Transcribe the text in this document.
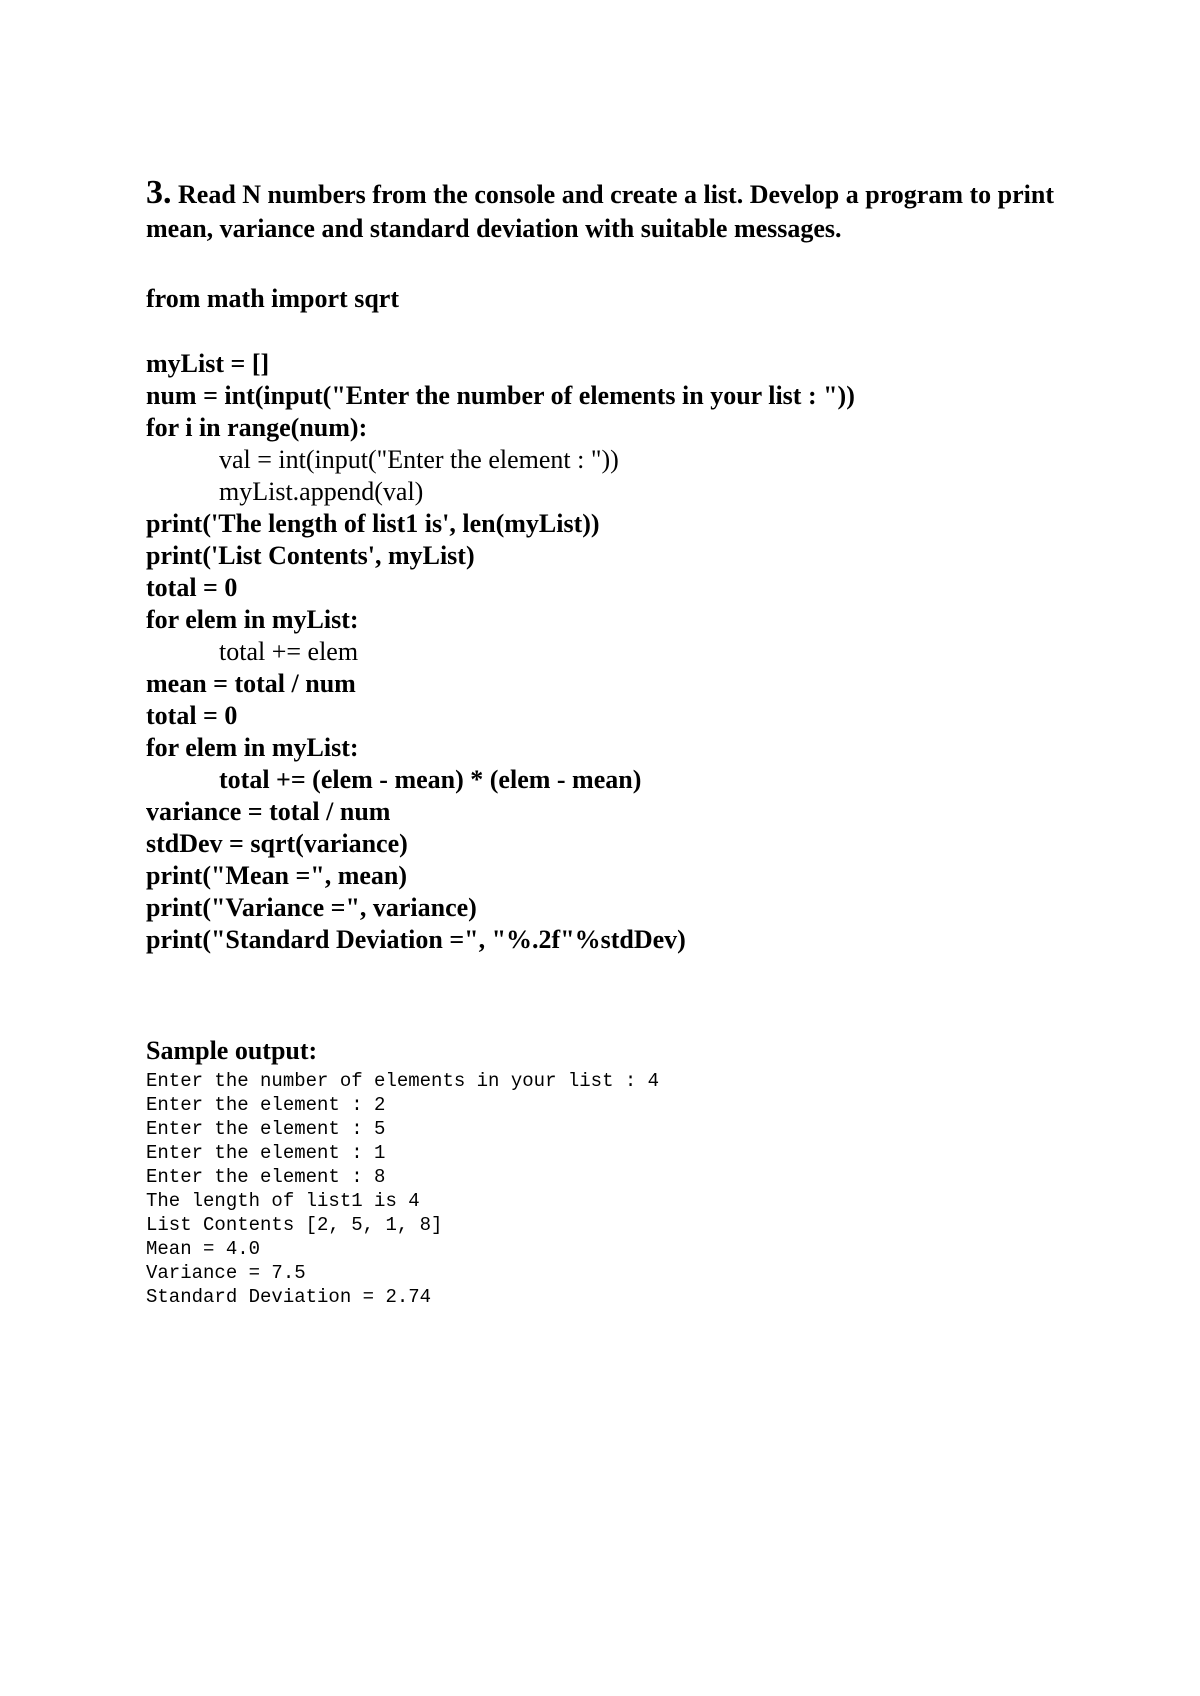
3. Read N numbers from the console and create a list. Develop a program to print mean, variance and standard deviation with suitable messages.
from math import sqrt
myList = []
num = int(input("Enter the number of elements in your list : "))
for i in range(num):
val = int(input("Enter the element : "))
myList.append(val)
print('The length of list1 is', len(myList))
print('List Contents', myList)
total = 0
for elem in myList:
total += elem
mean = total / num
total = 0
for elem in myList:
total += (elem - mean) * (elem - mean)
variance = total / num
stdDev = sqrt(variance)
print("Mean =", mean)
print("Variance =", variance)
print("Standard Deviation =", "%.2f"%stdDev)
Sample output:
Enter the number of elements in your list : 4
Enter the element : 2
Enter the element : 5
Enter the element : 1
Enter the element : 8
The length of list1 is 4
List Contents [2, 5, 1, 8]
Mean = 4.0
Variance = 7.5
Standard Deviation = 2.74
